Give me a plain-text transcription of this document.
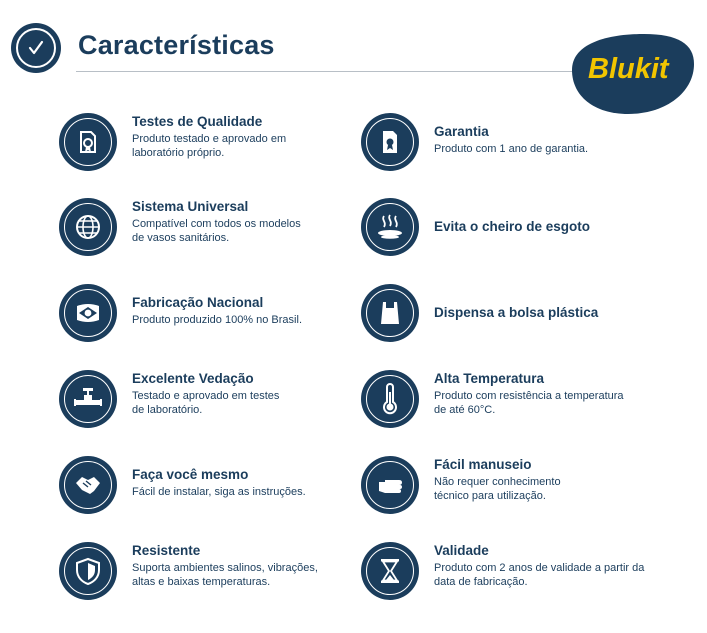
Características
Blukit
Testes de Qualidade
Produto testado e aprovado em
laboratório próprio.
Sistema Universal
Compatível com todos os modelos
de vasos sanitários.
Fabricação Nacional
Produto produzido 100% no Brasil.
Excelente Vedação
Testado e aprovado em testes
de laboratório.
Faça você mesmo
Fácil de instalar, siga as instruções.
Resistente
Suporta ambientes salinos, vibrações,
altas e baixas temperaturas.
Garantia
Produto com 1 ano de garantia.
Evita o cheiro de esgoto
Dispensa a bolsa plástica
Alta Temperatura
Produto com resistência a temperatura
de até 60°C.
Fácil manuseio
Não requer conhecimento
técnico para utilização.
Validade
Produto com 2 anos de validade a partir da
data de fabricação.
